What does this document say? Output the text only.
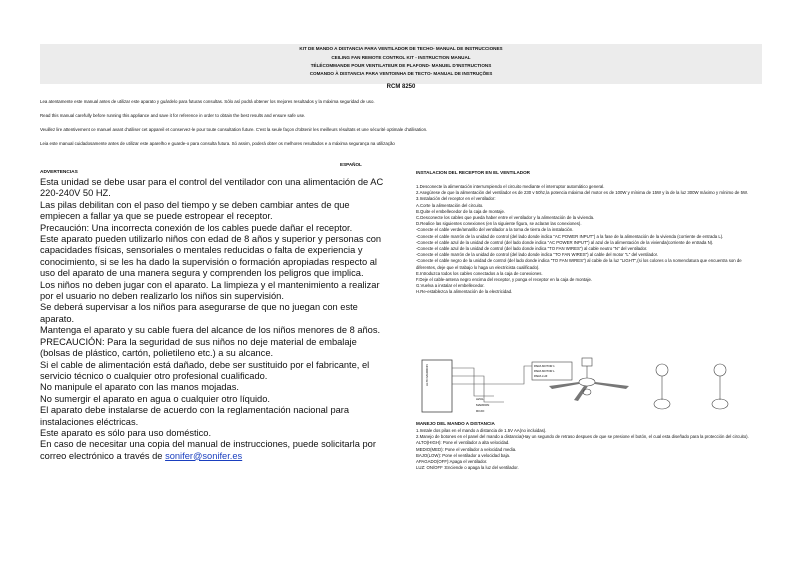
KIT DE MANDO A DISTANCIA PARA VENTILADOR DE TECHO- MANUAL DE INSTRUCCIONES
CEILING FAN REMOTE CONTROL KIT - INSTRUCTION MANUAL
TÉLÉCOMMANDE POUR VENTILATEUR DE PLAFOND- MANUEL D'INSTRUCTIONS
COMANDO À DISTANCIA PARA VENTOINHA DE TECTO- MANUAL DE INSTRUÇÕES
RCM 8250
Lea atentamente este manual antes de utilizar este aparato y guárdelo para futuras consultas. Sólo así podrá obtener los mejores resultados y la máxima seguridad de uso.
Read this manual carefully before running this appliance and save it for reference in order to obtain the best results and ensure safe use.
Veuillez lire attentivement ce manuel avant d'utiliser cet appareil et conservez-le pour toute consultation future. C'est la seule façon d'obtenir les meilleurs résultats et une sécurité optimale d'utilisation.
Leia este manual cuidadosamente antes de utilizar este aparelho e guarde-o para consulta futura. Só assim, poderá obter os melhores resultados e a máxima segurança na utilização
ESPAÑOL
ADVERTENCIAS
Esta unidad se debe usar para el control del ventilador con una alimentación de AC 220-240V 50 HZ.
Las pilas debilitan con el paso del tiempo y se deben cambiar antes de que empiecen a fallar ya que se puede estropear el receptor.
Precaución: Una incorrecta conexión de los cables puede dañar el receptor.
Este aparato pueden utilizarlo niños con edad de 8 años y superior y personas con capacidades físicas, sensoriales o mentales reducidas o falta de experiencia y conocimiento, si se les ha dado la supervisión o formación apropiadas respecto al uso del aparato de una manera segura y comprenden los peligros que implica.
Los niños no deben jugar con el aparato. La limpieza y el mantenimiento a realizar por el usuario no deben realizarlo los niños sin supervisión.
Se deberá supervisar a los niños para asegurarse de que no juegan con este aparato.
Mantenga el aparato y su cable fuera del alcance de los niños menores de 8 años.
PRECAUCIÓN: Para la seguridad de sus niños no deje material de embalaje (bolsas de plástico, cartón, polietileno etc.) a su alcance.
Si el cable de alimentación está dañado, debe ser sustituido por el fabricante, el servicio técnico o cualquier otro profesional cualificado.
No manipule el aparato con las manos mojadas.
No sumergir el aparato en agua o cualquier otro líquido.
El aparato debe instalarse de acuerdo con la reglamentación nacional para instalaciones eléctricas.
Este aparato es sólo para uso doméstico.
En caso de necesitar una copia del manual de instrucciones, puede solicitarla por correo electrónico a través de sonifer@sonifer.es
INSTALACION DEL RECEPTOR EN EL VENTILADOR
1.Desconecte la alimentación interrumpiendo el circuito mediante el interruptor automático general.
2.Asegúrese de que la alimentación del ventilador es de 230 v 50hz,la potencia máxima del motor es de 100W y mínima de 15W y la de la luz 300W máximo y mínimo de 5W.
3.Instalación del receptor en el ventilador:
A.Corte la alimentación del circuito.
B.Quite el embellecedor de la caja de montaje.
C.Desconecte los cables que pueda haber entre el ventilador y la alimentación de la vivienda.
D.Realice las siguientes conexiones (en la siguiente figura, se aclaran las conexiones).
-Conecte el cable verde/amarillo del ventilador a la toma de tierra de la instalación.
-Conecte el cable marrón de la unidad de control (del lado donde indica "AC POWER INPUT") a la fase de la alimentación de la vivienda (corriente de entrada L).
-Conecte el cable azul de la unidad de control (del lado donde indica "AC POWER INPUT") al azul de la alimentación de la vivienda(corriente de entrada N).
-Conecte el cable azul de la unidad de control (del lado donde indica "TO FAN WIRES") al cable neutro "N" del ventilador.
-Conecte el cable marrón de la unidad de control (del lado donde indica "TO FAN WIRES") al cable del motor "L" del ventilador.
-Conecte el cable negro de la unidad de control (del lado donde indica "TO FAN WIRES") al cable de la luz "LIGHT",(si los colores o la nomenclatura que encuentra son de diferentes, deje que el trabajo lo haga un electricista cualificado).
E.Introduzca todos los cables conectados a la caja de conexiones.
F.Deje el cable-antena negro encima del receptor, y ponga el receptor en la caja de montaje.
G.Vuelva a instalar el embellecedor.
H.Re-establezca la alimentación de la electricidad.
ALTO MARRON
AZUL
MARRON
ROJO
PARA MOTOR 1
PARA MOTOR L
PARA LUZ
MANEJO DEL MANDO A DISTANCIA
1.Instale dos pilas en el mando a distancia de 1.5V AA(no incluidas).
2.Manejo de botones en el panel del mando a distancia(Hay un segundo de retraso despues de que se presione el botón, el cual esta diseñado para la protección del circuito).
ALTO(HIGH): Pone el ventilador a alta velocidad.
MEDIO(MED): Pone el ventilador a velocidad media.
BAJO(LOW): Pone el ventilador a velocidad baja.
APAGADO(OFF):Apaga el ventilador.
LUZ: ON/OFF :Enciende o apaga la luz del ventilador.
